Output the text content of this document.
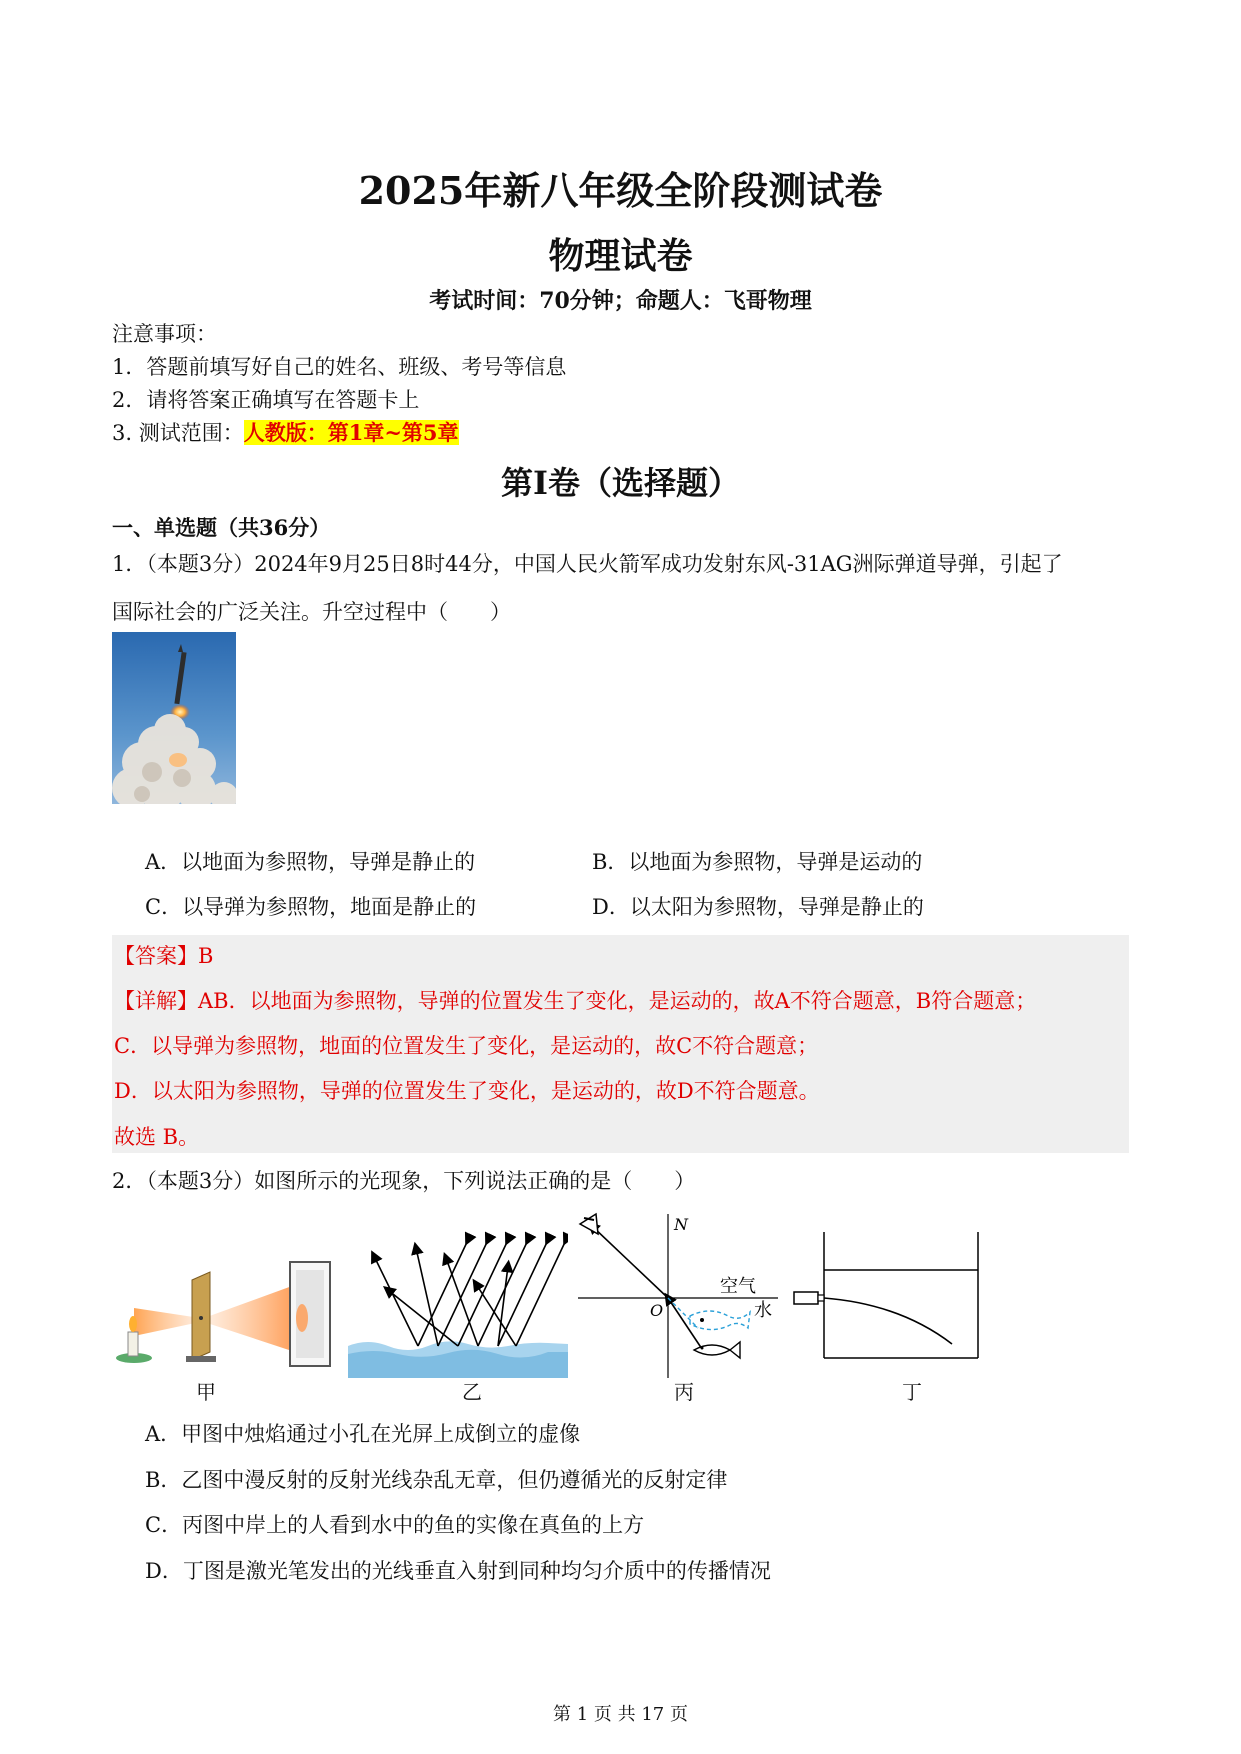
2025年新八年级全阶段测试卷
物理试卷
考试时间：70分钟；命题人：飞哥物理
注意事项：
1．答题前填写好自己的姓名、班级、考号等信息
2．请将答案正确填写在答题卡上
3. 测试范围：人教版：第1章~第5章
第Ⅰ卷（选择题）
一、单选题（共36分）
1．（本题3分）2024年9月25日8时44分，中国人民火箭军成功发射东风-31AG洲际弹道导弹，引起了
国际社会的广泛关注。升空过程中（　　）
A．以地面为参照物，导弹是静止的	B．以地面为参照物，导弹是运动的
C．以导弹为参照物，地面是静止的	D．以太阳为参照物，导弹是静止的
【答案】B
【详解】AB．以地面为参照物，导弹的位置发生了变化，是运动的，故A不符合题意，B符合题意；
C．以导弹为参照物，地面的位置发生了变化，是运动的，故C不符合题意；
D．以太阳为参照物，导弹的位置发生了变化，是运动的，故D不符合题意。
故选 B。
2．（本题3分）如图所示的光现象，下列说法正确的是（　　）
甲	乙
N
空气
水
O
丙	丁
A．甲图中烛焰通过小孔在光屏上成倒立的虚像
B．乙图中漫反射的反射光线杂乱无章，但仍遵循光的反射定律
C．丙图中岸上的人看到水中的鱼的实像在真鱼的上方
D．丁图是激光笔发出的光线垂直入射到同种均匀介质中的传播情况
第 1 页 共 17 页
